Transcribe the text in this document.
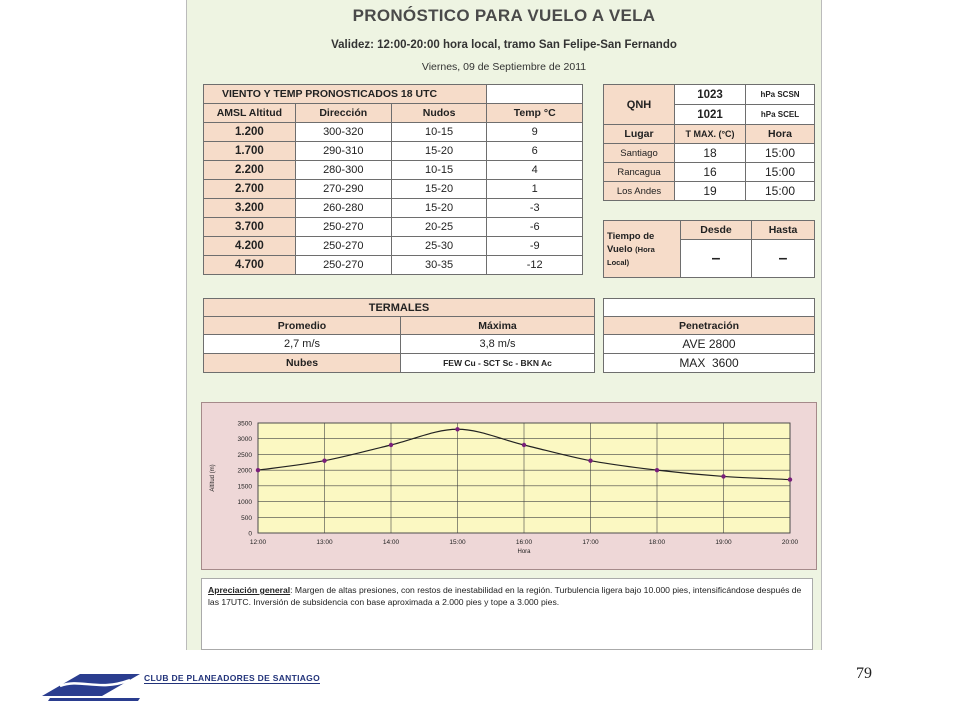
PRONÓSTICO PARA VUELO A VELA
Validez: 12:00-20:00 hora local, tramo San Felipe-San Fernando
Viernes, 09 de Septiembre de 2011
VIENTO Y TEMP PRONOSTICADOS 18 UTC			
AMSL Altitud	Dirección	Nudos	Temp °C
1.200	300-320	10-15	9
1.700	290-310	15-20	6
2.200	280-300	10-15	4
2.700	270-290	15-20	1
3.200	260-280	15-20	-3
3.700	250-270	20-25	-6
4.200	250-270	25-30	-9
4.700	250-270	30-35	-12
QNH	1023	hPa SCSN
	1021	hPa SCEL
Lugar	T MAX. (°C)	Hora
Santiago	18	15:00
Rancagua	16	15:00
Los Andes	19	15:00
Tiempo de Vuelo (Hora Local)	Desde	Hasta
	–	–
TERMALES	
Promedio	Máxima
2,7 m/s	3,8 m/s
Nubes	FEW Cu - SCT Sc - BKN Ac

Penetración
AVE 2800
MAX  3600
0
500
1000
1500
2000
2500
3000
3500
12:00	13:00	14:00	15:00	16:00	17:00	18:00	19:00	20:00
Hora
Altitud (m)
Apreciación general: Margen de altas presiones, con restos de inestabilidad en la región. Turbulencia ligera bajo 10.000 pies, intensificándose después de las 17UTC. Inversión de subsidencia con base aproximada a 2.000 pies y tope a 3.000 pies.
CLUB DE PLANEADORES DE SANTIAGO	79
